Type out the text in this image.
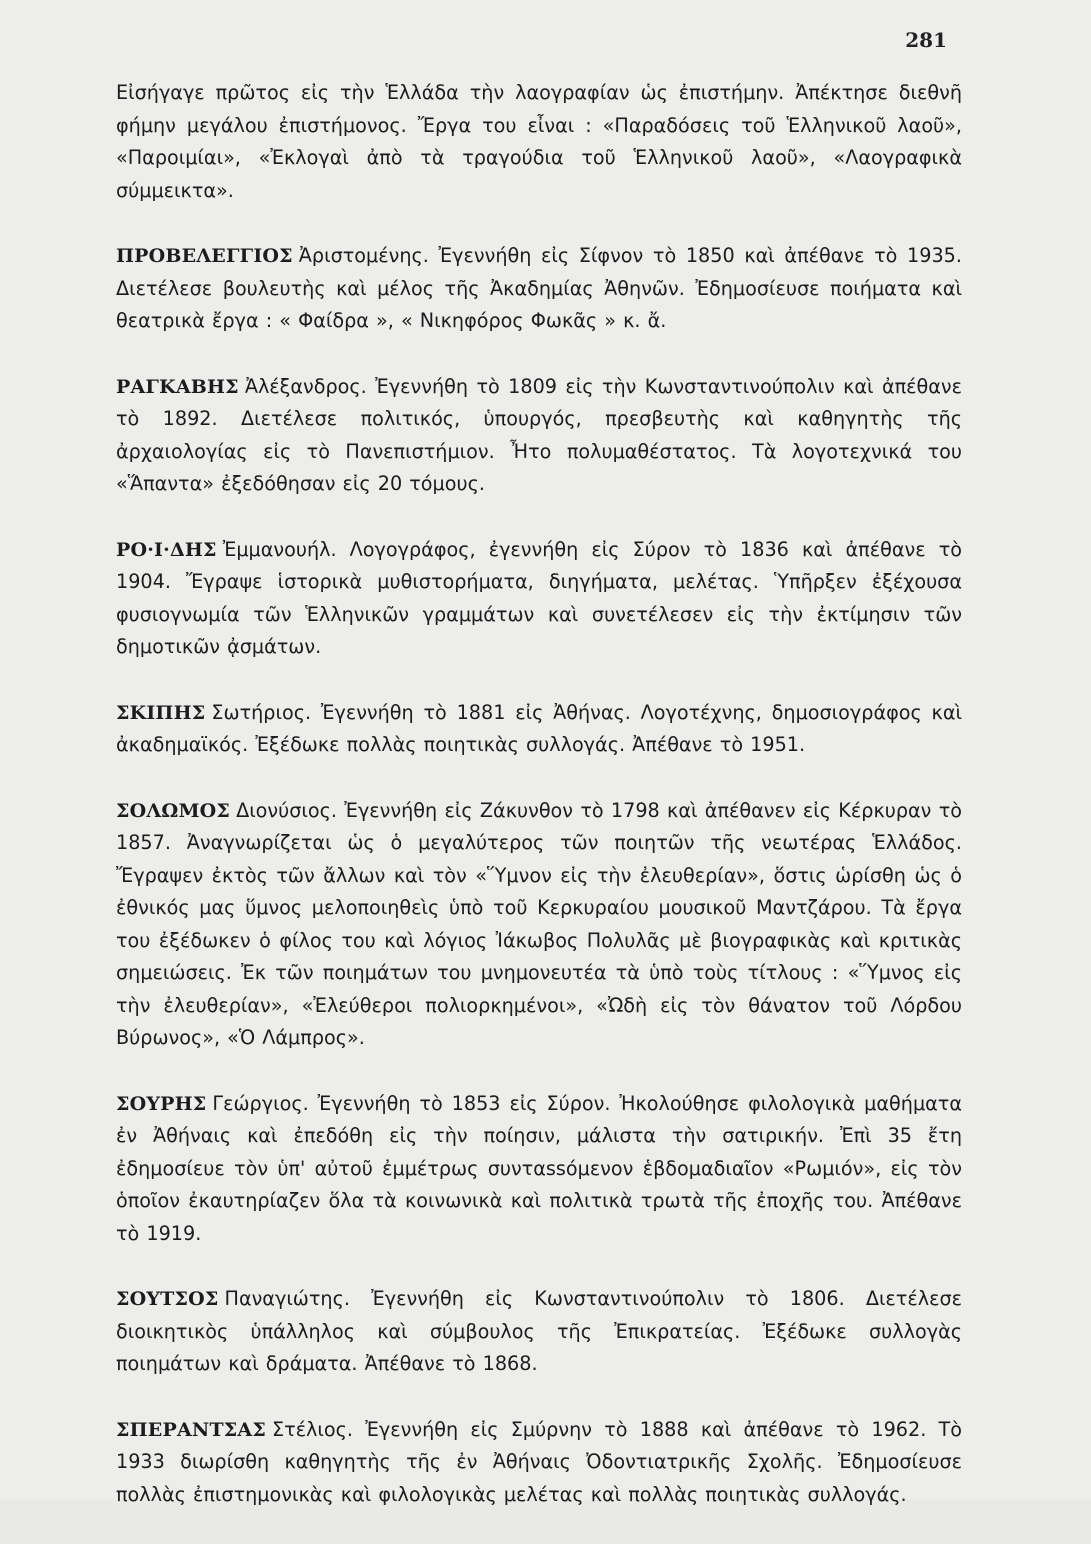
281

Εἰσήγαγε πρῶτος εἰς τὴν Ἑλλάδα τὴν λαογραφίαν ὡς ἐπιστήμην. Ἀπέκτησε διεθνῆ φήμην μεγάλου ἐπιστήμονος. Ἔργα του εἶναι : «Παραδόσεις τοῦ Ἑλληνικοῦ λαοῦ», «Παροιμίαι», «Ἐκλογαὶ ἀπὸ τὰ τραγούδια τοῦ Ἑλληνικοῦ λαοῦ», «Λαογραφικὰ σύμμεικτα».

ΠΡΟΒΕΛΕΓΓΙΟΣ Ἀριστομένης. Ἐγεννήθη εἰς Σίφνον τὸ 1850 καὶ ἀπέθανε τὸ 1935. Διετέλεσε βουλευτὴς καὶ μέλος τῆς Ἀκαδημίας Ἀθηνῶν. Ἐδημοσίευσε ποιήματα καὶ θεατρικὰ ἔργα : « Φαίδρα », « Νικηφόρος Φωκᾶς » κ. ἄ.

ΡΑΓΚΑΒΗΣ Ἀλέξανδρος. Ἐγεννήθη τὸ 1809 εἰς τὴν Κωνσταντινούπολιν καὶ ἀπέθανε τὸ 1892. Διετέλεσε πολιτικός, ὑπουργός, πρεσβευτὴς καὶ καθηγητὴς τῆς ἀρχαιολογίας εἰς τὸ Πανεπιστήμιον. Ἦτο πολυμαθέστατος. Τὰ λογοτεχνικά του «Ἅπαντα» ἐξεδόθησαν εἰς 20 τόμους.

ΡΟ·Ι·ΔΗΣ Ἐμμανουήλ. Λογογράφος, ἐγεννήθη εἰς Σύρον τὸ 1836 καὶ ἀπέθανε τὸ 1904. Ἔγραψε ἱστορικὰ μυθιστορήματα, διηγήματα, μελέτας. Ὑπῆρξεν ἐξέχουσα φυσιογνωμία τῶν Ἑλληνικῶν γραμμάτων καὶ συνετέλεσεν εἰς τὴν ἐκτίμησιν τῶν δημοτικῶν ᾀσμάτων.

ΣΚΙΠΗΣ Σωτήριος. Ἐγεννήθη τὸ 1881 εἰς Ἀθήνας. Λογοτέχνης, δημοσιογράφος καὶ ἀκαδημαϊκός. Ἐξέδωκε πολλὰς ποιητικὰς συλλογάς. Ἀπέθανε τὸ 1951.

ΣΟΛΩΜΟΣ Διονύσιος. Ἐγεννήθη εἰς Ζάκυνθον τὸ 1798 καὶ ἀπέθανεν εἰς Κέρκυραν τὸ 1857. Ἀναγνωρίζεται ὡς ὁ μεγαλύτερος τῶν ποιητῶν τῆς νεωτέρας Ἑλλάδος. Ἔγραψεν ἐκτὸς τῶν ἄλλων καὶ τὸν «Ὕμνον εἰς τὴν ἐλευθερίαν», ὅστις ὡρίσθη ὡς ὁ ἐθνικός μας ὕμνος μελοποιηθεὶς ὑπὸ τοῦ Κερκυραίου μουσικοῦ Μαντζάρου. Τὰ ἔργα του ἐξέδωκεν ὁ φίλος του καὶ λόγιος Ἰάκωβος Πολυλᾶς μὲ βιογραφικὰς καὶ κριτικὰς σημειώσεις. Ἐκ τῶν ποιημάτων του μνημονευτέα τὰ ὑπὸ τοὺς τίτλους : «Ὕμνος εἰς τὴν ἐλευθερίαν», «Ἐλεύθεροι πολιορκημένοι», «Ὠδὴ εἰς τὸν θάνατον τοῦ Λόρδου Βύρωνος», «Ὁ Λάμπρος».

ΣΟΥΡΗΣ Γεώργιος. Ἐγεννήθη τὸ 1853 εἰς Σύρον. Ἠκολούθησε φιλολογικὰ μαθήματα ἐν Ἀθήναις καὶ ἐπεδόθη εἰς τὴν ποίησιν, μάλιστα τὴν σατιρικήν. Ἐπὶ 35 ἔτη ἐδημοσίευε τὸν ὑπ' αὐτοῦ ἐμμέτρως συνταssόμενον ἑβδομαδιαῖον «Ρωμιόν», εἰς τὸν ὁποῖον ἐκαυτηρίαζεν ὅλα τὰ κοινωνικὰ καὶ πολιτικὰ τρωτὰ τῆς ἐποχῆς του. Ἀπέθανε τὸ 1919.

ΣΟΥΤΣΟΣ Παναγιώτης. Ἐγεννήθη εἰς Κωνσταντινούπολιν τὸ 1806. Διετέλεσε διοικητικὸς ὑπάλληλος καὶ σύμβουλος τῆς Ἐπικρατείας. Ἐξέδωκε συλλογὰς ποιημάτων καὶ δράματα. Ἀπέθανε τὸ 1868.

ΣΠΕΡΑΝΤΣΑΣ Στέλιος. Ἐγεννήθη εἰς Σμύρνην τὸ 1888 καὶ ἀπέθανε τὸ 1962. Τὸ 1933 διωρίσθη καθηγητὴς τῆς ἐν Ἀθήναις Ὀδοντιατρικῆς Σχολῆς. Ἐδημοσίευσε πολλὰς ἐπιστημονικὰς καὶ φιλολογικὰς μελέτας καὶ πολλὰς ποιητικὰς συλλογάς.
